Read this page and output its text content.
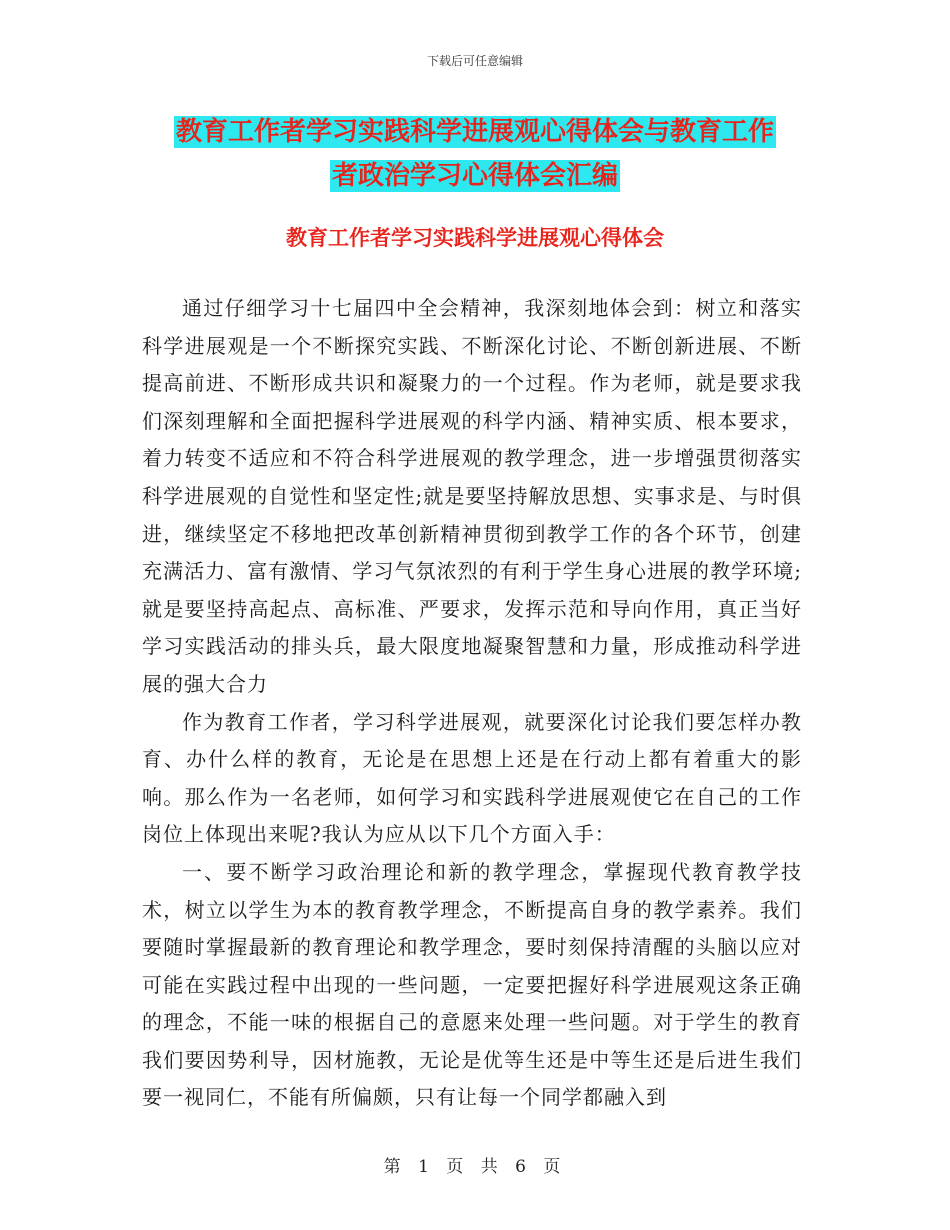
下载后可任意编辑
教育工作者学习实践科学进展观心得体会与教育工作
者政治学习心得体会汇编
教育工作者学习实践科学进展观心得体会

通过仔细学习十七届四中全会精神，我深刻地体会到：树立和落实科学进展观是一个不断探究实践、不断深化讨论、不断创新进展、不断提高前进、不断形成共识和凝聚力的一个过程。作为老师，就是要求我们深刻理解和全面把握科学进展观的科学内涵、精神实质、根本要求，着力转变不适应和不符合科学进展观的教学理念，进一步增强贯彻落实科学进展观的自觉性和坚定性;就是要坚持解放思想、实事求是、与时俱进，继续坚定不移地把改革创新精神贯彻到教学工作的各个环节，创建充满活力、富有激情、学习气氛浓烈的有利于学生身心进展的教学环境;就是要坚持高起点、高标准、严要求，发挥示范和导向作用，真正当好学习实践活动的排头兵，最大限度地凝聚智慧和力量，形成推动科学进展的强大合力

作为教育工作者，学习科学进展观，就要深化讨论我们要怎样办教育、办什么样的教育，无论是在思想上还是在行动上都有着重大的影响。那么作为一名老师，如何学习和实践科学进展观使它在自己的工作岗位上体现出来呢?我认为应从以下几个方面入手：

一、要不断学习政治理论和新的教学理念，掌握现代教育教学技术，树立以学生为本的教育教学理念，不断提高自身的教学素养。我们要随时掌握最新的教育理论和教学理念，要时刻保持清醒的头脑以应对可能在实践过程中出现的一些问题，一定要把握好科学进展观这条正确的理念，不能一味的根据自己的意愿来处理一些问题。对于学生的教育我们要因势利导，因材施教，无论是优等生还是中等生还是后进生我们要一视同仁，不能有所偏颇，只有让每一个同学都融入到

第 1 页 共 6 页
